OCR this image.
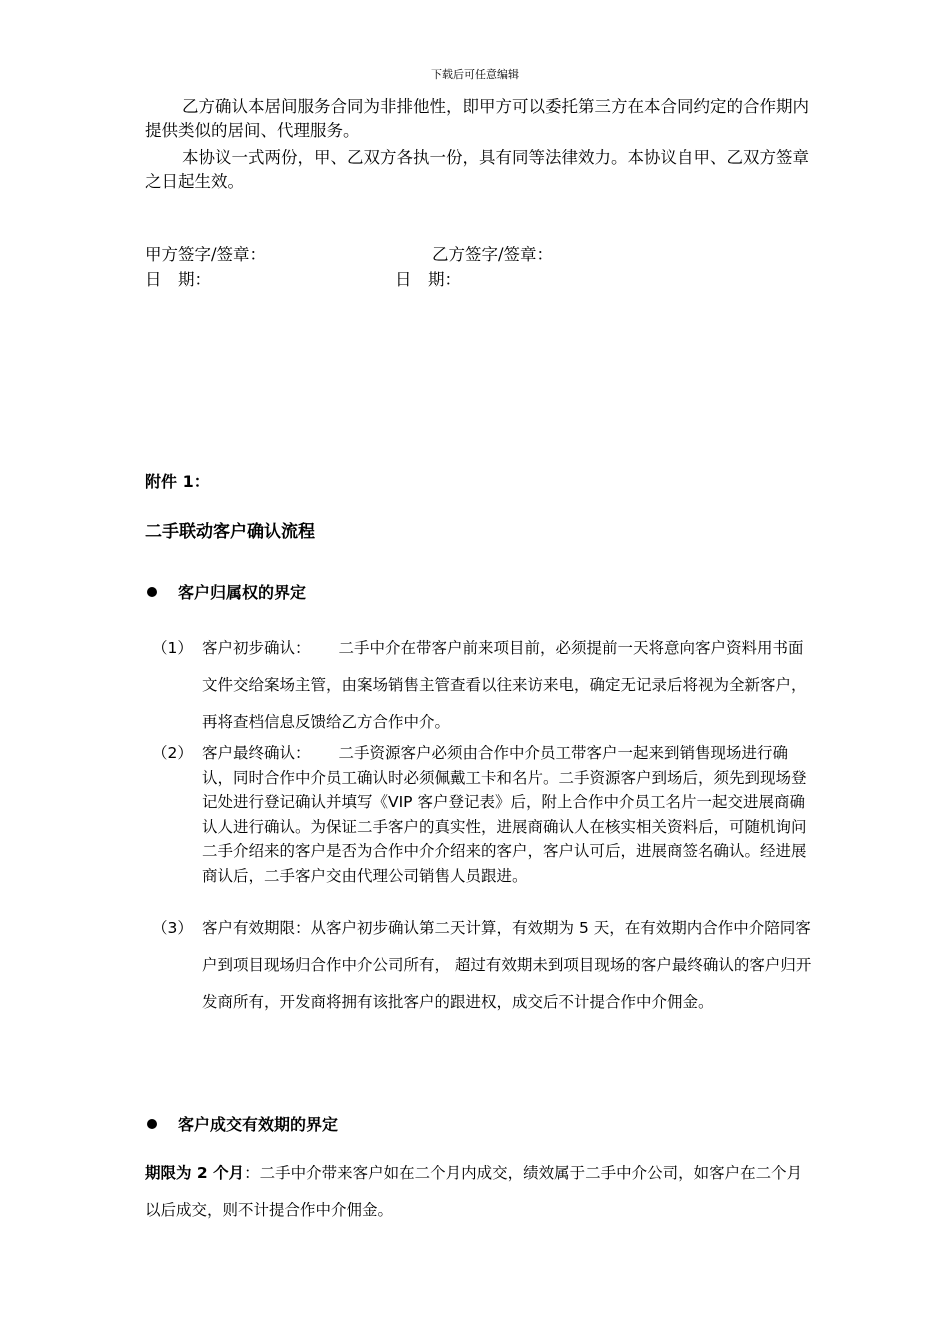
下载后可任意编辑

乙方确认本居间服务合同为非排他性，即甲方可以委托第三方在本合同约定的合作期内提供类似的居间、代理服务。

本协议一式两份，甲、乙双方各执一份，具有同等法律效力。本协议自甲、乙双方签章之日起生效。

甲方签字/签章：	乙方签字/签章：
日　期：	日　期：
附件 1：
二手联动客户确认流程
客户归属权的界定
（1） 客户初步确认： 二手中介在带客户前来项目前，必须提前一天将意向客户资料用书面文件交给案场主管，由案场销售主管查看以往来访来电，确定无记录后将视为全新客户，再将查档信息反馈给乙方合作中介。
（2） 客户最终确认： 二手资源客户必须由合作中介员工带客户一起来到销售现场进行确认，同时合作中介员工确认时必须佩戴工卡和名片。二手资源客户到场后，须先到现场登记处进行登记确认并填写《VIP 客户登记表》后，附上合作中介员工名片一起交进展商确认人进行确认。为保证二手客户的真实性，进展商确认人在核实相关资料后，可随机询问二手介绍来的客户是否为合作中介介绍来的客户，客户认可后，进展商签名确认。经进展商认后，二手客户交由代理公司销售人员跟进。
（3） 客户有效期限：从客户初步确认第二天计算，有效期为 5 天，在有效期内合作中介陪同客户到项目现场归合作中介公司所有， 超过有效期未到项目现场的客户最终确认的客户归开发商所有，开发商将拥有该批客户的跟进权，成交后不计提合作中介佣金。
客户成交有效期的界定
期限为 2 个月：二手中介带来客户如在二个月内成交，绩效属于二手中介公司，如客户在二个月以后成交，则不计提合作中介佣金。
